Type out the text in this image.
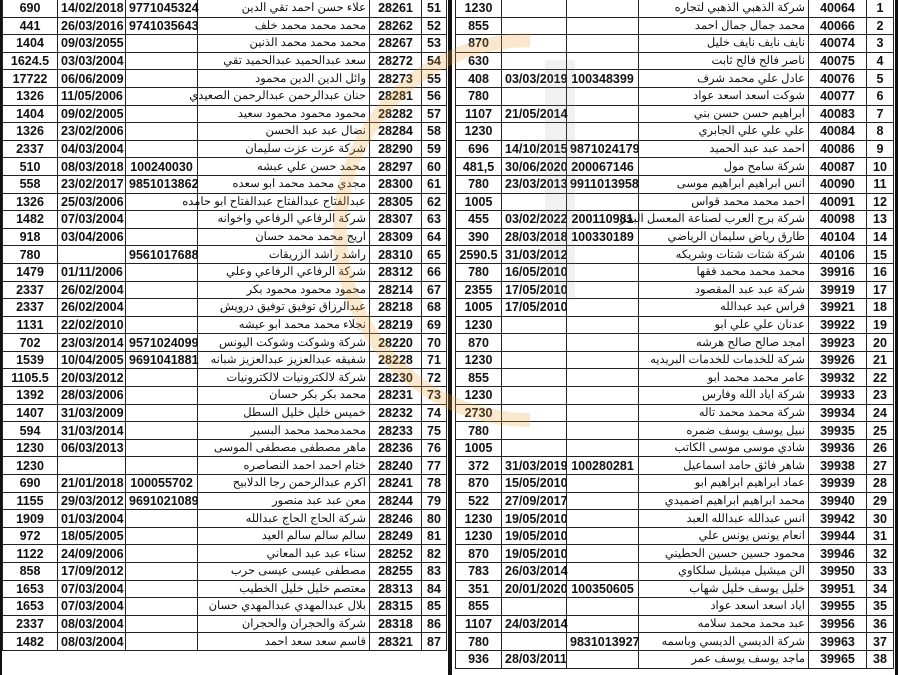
690	14/02/2018	9771045324	علاء حسن احمد تقي الدين	28261	51
441	26/03/2016	9741035643	محمد محمد محمد خلف	28262	52
1404	09/03/2055		محمد محمد محمد الذنين	28267	53
1624.5	03/03/2004		سعد عبدالحميد عبدالحميد تقي	28272	54
17722	06/06/2009		وائل الدين الدين محمود	28273	55
1326	11/05/2006		حنان عبدالرحمن عبدالرحمن الصعيدي	28281	56
1404	09/02/2005		محمود محمود محمود سعيد	28282	57
1326	23/02/2006		نضال عبد عبد الحسن	28284	58
2337	04/03/2004		شركة عزت عزت سليمان	28290	59
510	08/03/2018	100240030	محمد حسن علي عبشه	28297	60
558	23/02/2017	9851013862	مجدي محمد محمد ابو سعده	28300	61
1326	25/03/2006		عبدالفتاح عبدالفتاح عبدالفتاح ابو حامده	28305	62
1482	07/03/2004		شركة الرفاعي الرفاعي واخوانه	28307	63
918	03/04/2006		اريج محمد محمد حسان	28309	64
780		9561017688	راشد راشد الزريقات	28310	65
1479	01/11/2006		شركة الرفاعي الرفاعي وعلي	28312	66
2337	26/02/2004		محمود محمود محمود بكر	28214	67
2337	26/02/2004		عبدالرزاق توفيق توفيق درويش	28218	68
1131	22/02/2010		نجلاء محمد محمد ابو عيشه	28219	69
702	23/03/2014	9571024099	شركة وشوكت وشوكت اليونس	28220	70
1539	10/04/2005	9691041881	شفيقه عبدالعزيز عبدالعزيز شبانه	28228	71
1105.5	20/03/2012		شركة لالكترونيات لالكترونيات	28230	72
1392	28/03/2006		محمد بكر بكر حسان	28231	73
1407	31/03/2009		خميس خليل خليل السطل	28232	74
594	31/03/2014		محمدمحمد محمد البسير	28233	75
1230	06/03/2013		ماهر مصطفى مصطفى الموسى	28236	76
1230			ختام احمد احمد النصاصره	28240	77
690	21/01/2018	100055702	اكرم عبدالرحمن رجا الدلابيح	28241	78
1155	29/03/2012	9691021089	معن عبد عبد منصور	28244	79
1909	01/03/2004		شركة الحاج الحاج عبدالله	28246	80
972	18/05/2005		سالم سالم سالم العيد	28249	81
1122	24/09/2006		سناء عبد عبد المعاني	28252	82
858	17/09/2012		مصطفى عيسى عيسى حرب	28255	83
1653	07/03/2004		معتصم خليل خليل الخطيب	28313	84
1653	07/03/2004		بلال عبدالمهدي عبدالمهدي حسان	28315	85
2337	08/03/2004		شركة والحجران والحجران	28318	86
1482	08/03/2004		قاسم سعد سعد احمد	28321	87
1230			شركة الذهبي الذهبي لتجاره	40064	1
855			محمد جمال جمال احمد	40066	2
870			نايف نايف نايف خليل	40074	3
630			ناصر فالح فالح ثابت	40075	4
408	03/03/2019	100348399	عادل علي محمد شرف	40076	5
780			شوكت اسعد اسعد عواد	40077	6
1107	21/05/2014		ابراهيم حسن حسن بني	40083	7
1230			علي علي علي الجابري	40084	8
696	14/10/2015	9871024179	احمد عبد عبد الحميد	40086	9
481,5	30/06/2020	200067146	شركة سامح مول	40087	10
780	23/03/2013	9911013958	انس ابراهيم ابراهيم موسى	40090	11
1005			احمد محمد محمد قواس	40091	12
455	03/02/2022	200110981	شركة برج العرب لصناعة المعسل البحر	40098	13
390	28/03/2018	100330189	طارق رياض سليمان الرياضي	40104	14
2590.5	31/03/2012		شركة شتات شتات وشريكه	40106	15
780	16/05/2010		محمد محمد محمد فقها	39916	16
2355	17/05/2010		شركة عبد عبد المقصود	39919	17
1005	17/05/2010		فراس عبد عبدالله	39921	18
1230			عدنان علي علي ابو	39922	19
870			امجد صالح صالح هرشه	39923	20
1230			شركة للخدمات للخدمات البريديه	39926	21
855			عامر محمد محمد ابو	39932	22
1230			شركة اياد الله وفارس	39933	23
2730			شركة محمد محمد تاله	39934	24
780			نبيل يوسف يوسف ضمره	39935	25
1005			شادي موسى موسى الكاتب	39936	26
372	31/03/2019	100280281	شاهر فائق حامد اسماعيل	39938	27
870	15/05/2010		عماد ابراهيم ابراهيم ابو	39939	28
522	27/09/2017		محمد ابراهيم ابراهيم اضميدي	39940	29
1230	19/05/2010		انس عبدالله عبدالله العبد	39942	30
1230	19/05/2010		انعام يونس يونس علي	39944	31
870	19/05/2010		محمود حسين حسين الحطيني	39946	32
783	26/03/2014		الن ميشيل ميشيل سلكاوي	39950	33
351	20/01/2020	100350605	خليل يوسف خليل شهاب	39951	34
855			اياد اسعد اسعد عواد	39955	35
1107	24/03/2014		عبد محمد محمد سلامه	39956	36
780		9831013927	شركة الديسي الديسي وباسمه	39963	37
936	28/03/2011		ماجد يوسف يوسف عمر	39965	38
